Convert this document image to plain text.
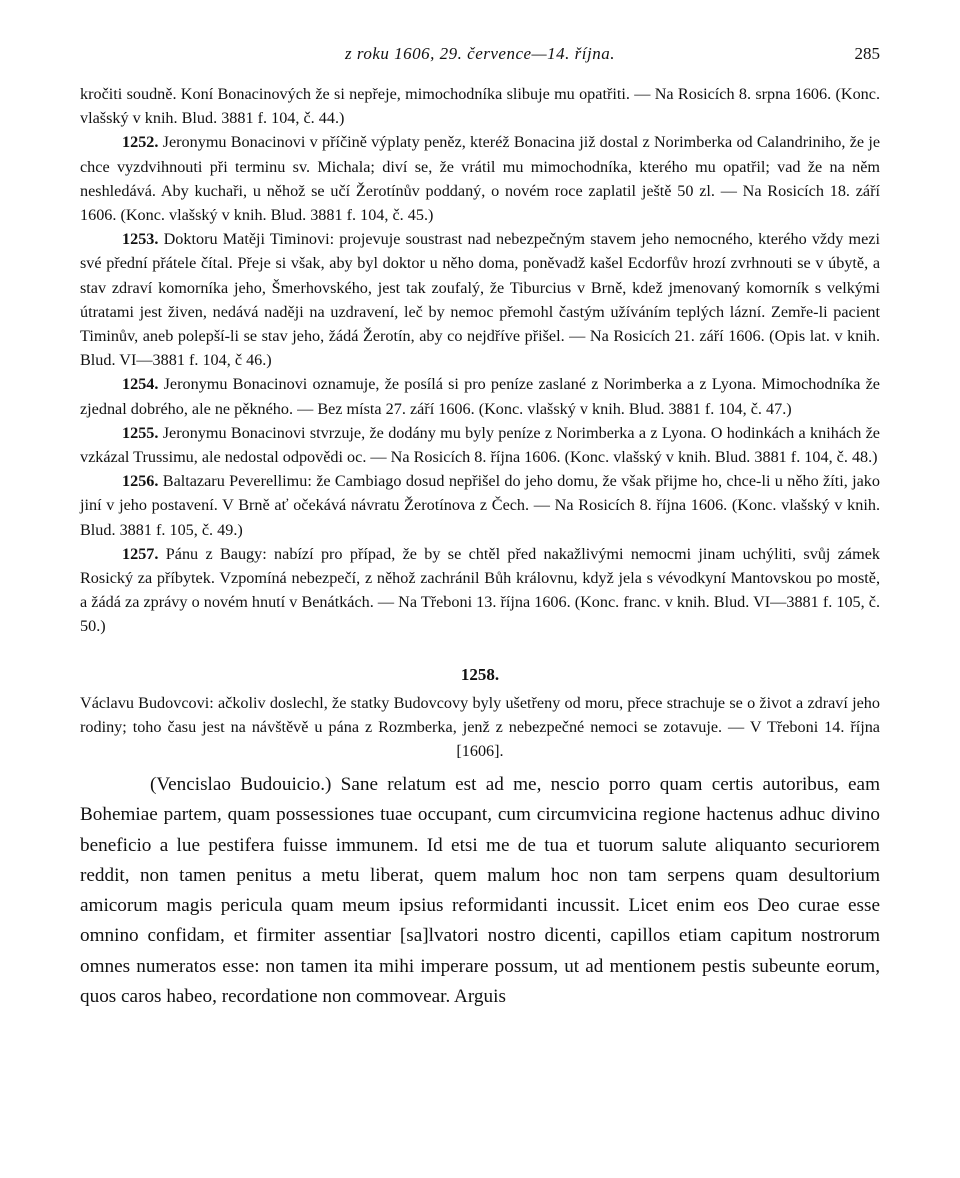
z roku 1606, 29. července—14. října.	285

kročiti soudně. Koní Bonacinových že si nepřeje, mimochodníka slibuje mu opatřiti. — Na Rosicích 8. srpna 1606. (Konc. vlašský v knih. Blud. 3881 f. 104, č. 44.)

1252. Jeronymu Bonacinovi v příčině výplaty peněz, kteréž Bonacina již dostal z Norimberka od Calandriniho, že je chce vyzdvihnouti při terminu sv. Michala; diví se, že vrátil mu mimochodníka, kterého mu opatřil; vad že na něm neshledává. Aby kuchaři, u něhož se učí Žerotínův poddaný, o novém roce zaplatil ještě 50 zl. — Na Rosicích 18. září 1606. (Konc. vlašský v knih. Blud. 3881 f. 104, č. 45.)

1253. Doktoru Matěji Timinovi: projevuje soustrast nad nebezpečným stavem jeho nemocného, kterého vždy mezi své přední přátele čítal. Přeje si však, aby byl doktor u něho doma, poněvadž kašel Ecdorfův hrozí zvrhnouti se v úbytě, a stav zdraví komorníka jeho, Šmerhovského, jest tak zoufalý, že Tiburcius v Brně, kdež jmenovaný komorník s velkými útratami jest živen, nedává naději na uzdravení, leč by nemoc přemohl častým užíváním teplých lázní. Zemře-li pacient Timinův, aneb polepší-li se stav jeho, žádá Žerotín, aby co nejdříve přišel. — Na Rosicích 21. září 1606. (Opis lat. v knih. Blud. VI—3881 f. 104, č 46.)

1254. Jeronymu Bonacinovi oznamuje, že posílá si pro peníze zaslané z Norimberka a z Lyona. Mimochodníka že zjednal dobrého, ale ne pěkného. — Bez místa 27. září 1606. (Konc. vlašský v knih. Blud. 3881 f. 104, č. 47.)

1255. Jeronymu Bonacinovi stvrzuje, že dodány mu byly peníze z Norimberka a z Lyona. O hodinkách a knihách že vzkázal Trussimu, ale nedostal odpovědi oc. — Na Rosicích 8. října 1606. (Konc. vlašský v knih. Blud. 3881 f. 104, č. 48.)

1256. Baltazaru Peverellimu: že Cambiago dosud nepřišel do jeho domu, že však přijme ho, chce-li u něho žíti, jako jiní v jeho postavení. V Brně ať očekává návratu Žerotínova z Čech. — Na Rosicích 8. října 1606. (Konc. vlašský v knih. Blud. 3881 f. 105, č. 49.)

1257. Pánu z Baugy: nabízí pro případ, že by se chtěl před nakažlivými nemocmi jinam uchýliti, svůj zámek Rosický za příbytek. Vzpomíná nebezpečí, z něhož zachránil Bůh královnu, když jela s vévodkyní Mantovskou po mostě, a žádá za zprávy o novém hnutí v Benátkách. — Na Třeboni 13. října 1606. (Konc. franc. v knih. Blud. VI—3881 f. 105, č. 50.)

1258.

Václavu Budovcovi: ačkoliv doslechl, že statky Budovcovy byly ušetřeny od moru, přece strachuje se o život a zdraví jeho rodiny; toho času jest na návštěvě u pána z Rozmberka, jenž z nebezpečné nemoci se zotavuje. — V Třeboni 14. října [1606].

(Vencislao Budouicio.) Sane relatum est ad me, nescio porro quam certis autoribus, eam Bohemiae partem, quam possessiones tuae occupant, cum circumvicina regione hactenus adhuc divino beneficio a lue pestifera fuisse immunem. Id etsi me de tua et tuorum salute aliquanto securiorem reddit, non tamen penitus a metu liberat, quem malum hoc non tam serpens quam desultorium amicorum magis pericula quam meum ipsius reformidanti incussit. Licet enim eos Deo curae esse omnino confidam, et firmiter assentiar [sa]lvatori nostro dicenti, capillos etiam capitum nostrorum omnes numeratos esse: non tamen ita mihi imperare possum, ut ad mentionem pestis subeunte eorum, quos caros habeo, recordatione non commovear. Arguis
